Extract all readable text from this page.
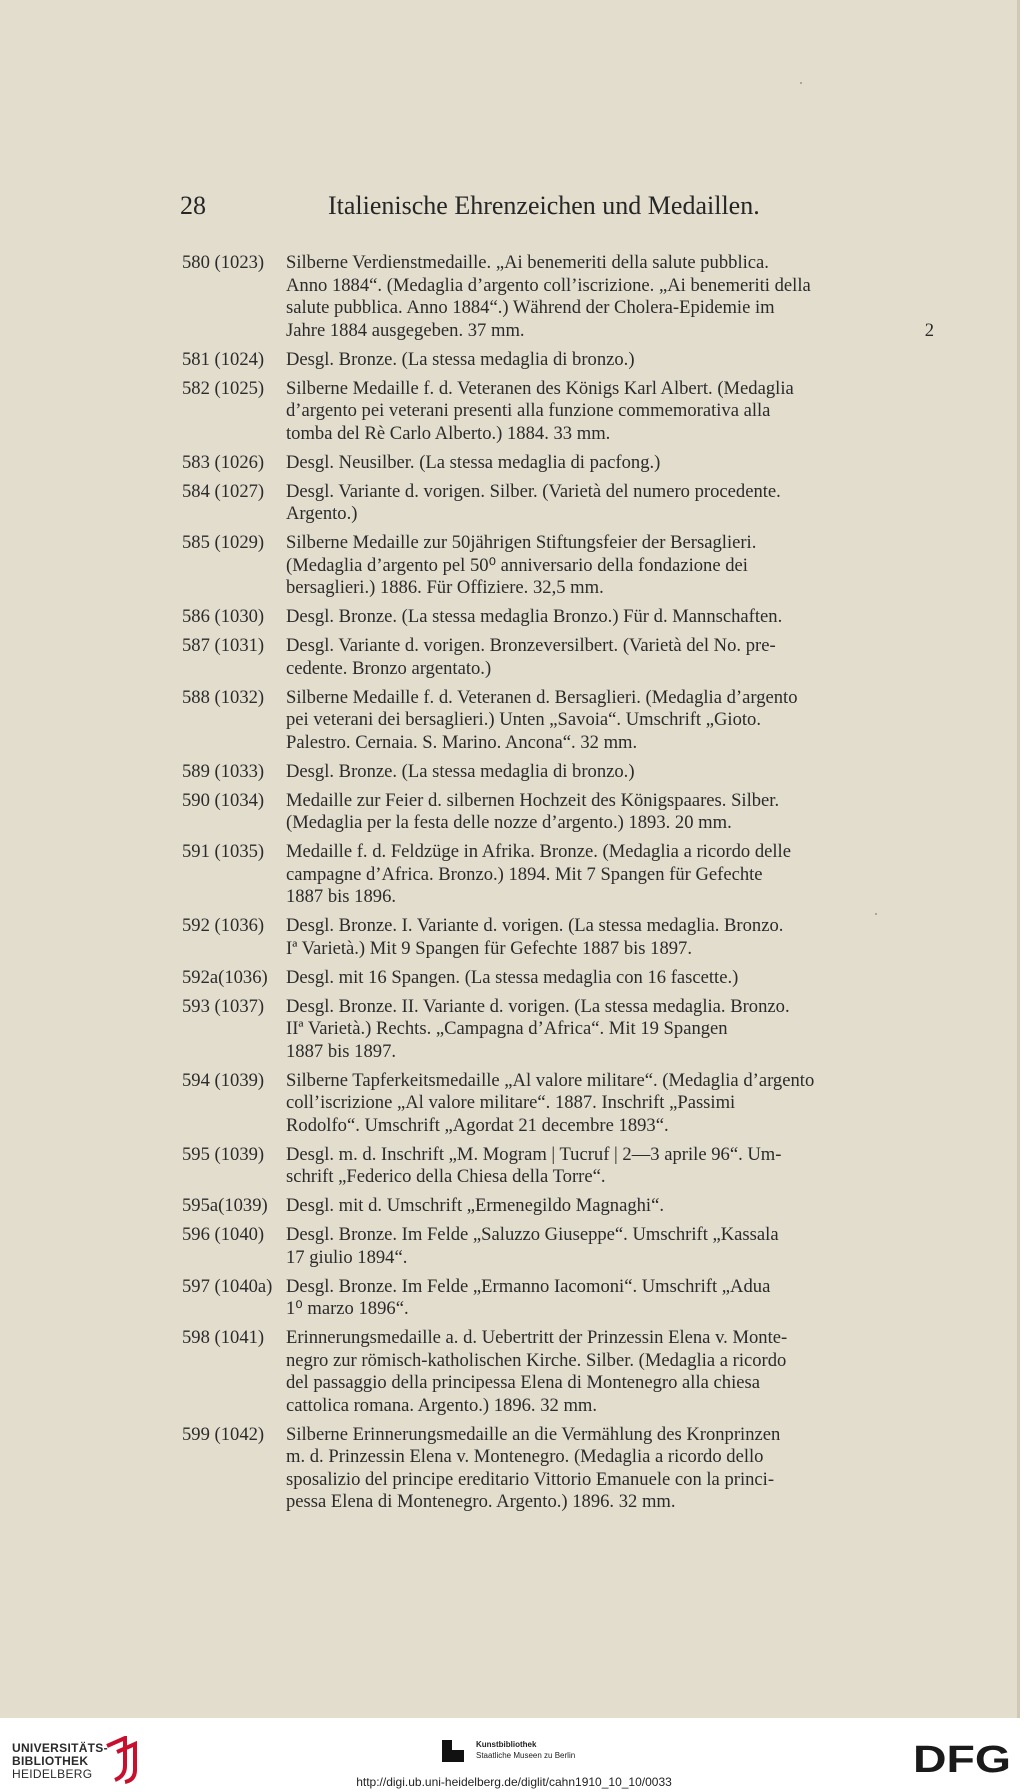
28	Italienische Ehrenzeichen und Medaillen.
580 (1023)	Silberne Verdienstmedaille. „Ai benemeriti della salute pubblica.
Anno 1884“. (Medaglia d’argento coll’iscrizione. „Ai benemeriti della
salute pubblica. Anno 1884“.) Während der Cholera-Epidemie im
2
Jahre 1884 ausgegeben. 37 mm.
581 (1024)	Desgl. Bronze. (La stessa medaglia di bronzo.)
582 (1025)	Silberne Medaille f. d. Veteranen des Königs Karl Albert. (Medaglia
d’argento pei veterani presenti alla funzione commemorativa alla
tomba del Rè Carlo Alberto.) 1884. 33 mm.
583 (1026)	Desgl. Neusilber. (La stessa medaglia di pacfong.)
584 (1027)	Desgl. Variante d. vorigen. Silber. (Varietà del numero procedente.
Argento.)
585 (1029)	Silberne Medaille zur 50jährigen Stiftungsfeier der Bersaglieri.
(Medaglia d’argento pel 50⁰ anniversario della fondazione dei
bersaglieri.) 1886. Für Offiziere. 32,5 mm.
586 (1030)	Desgl. Bronze. (La stessa medaglia Bronzo.) Für d. Mannschaften.
587 (1031)	Desgl. Variante d. vorigen. Bronzeversilbert. (Varietà del No. pre-
cedente. Bronzo argentato.)
588 (1032)	Silberne Medaille f. d. Veteranen d. Bersaglieri. (Medaglia d’argento
pei veterani dei bersaglieri.) Unten „Savoia“. Umschrift „Gioto.
Palestro. Cernaia. S. Marino. Ancona“. 32 mm.
589 (1033)	Desgl. Bronze. (La stessa medaglia di bronzo.)
590 (1034)	Medaille zur Feier d. silbernen Hochzeit des Königspaares. Silber.
(Medaglia per la festa delle nozze d’argento.) 1893. 20 mm.
591 (1035)	Medaille f. d. Feldzüge in Afrika. Bronze. (Medaglia a ricordo delle
campagne d’Africa. Bronzo.) 1894. Mit 7 Spangen für Gefechte
1887 bis 1896.
592 (1036)	Desgl. Bronze. I. Variante d. vorigen. (La stessa medaglia. Bronzo.
Iª Varietà.) Mit 9 Spangen für Gefechte 1887 bis 1897.
592a(1036) Desgl. mit 16 Spangen. (La stessa medaglia con 16 fascette.)
593 (1037)	Desgl. Bronze. II. Variante d. vorigen. (La stessa medaglia. Bronzo.
IIª Varietà.) Rechts. „Campagna d’Africa“. Mit 19 Spangen
1887 bis 1897.
594 (1039)	Silberne Tapferkeitsmedaille „Al valore militare“. (Medaglia d’argento
coll’iscrizione „Al valore militare“. 1887. Inschrift „Passimi
Rodolfo“. Umschrift „Agordat 21 decembre 1893“.
595 (1039)	Desgl. m. d. Inschrift „M. Mogram | Tucruf | 2—3 aprile 96“. Um-
schrift „Federico della Chiesa della Torre“.
595a(1039) Desgl. mit d. Umschrift „Ermenegildo Magnaghi“.
596 (1040)	Desgl. Bronze. Im Felde „Saluzzo Giuseppe“. Umschrift „Kassala
17 giulio 1894“.
597 (1040a) Desgl. Bronze. Im Felde „Ermanno Iacomoni“. Umschrift „Adua
1⁰ marzo 1896“.
598 (1041)	Erinnerungsmedaille a. d. Uebertritt der Prinzessin Elena v. Monte-
negro zur römisch-katholischen Kirche. Silber. (Medaglia a ricordo
del passaggio della principessa Elena di Montenegro alla chiesa
cattolica romana. Argento.) 1896. 32 mm.
599 (1042)	Silberne Erinnerungsmedaille an die Vermählung des Kronprinzen
m. d. Prinzessin Elena v. Montenegro. (Medaglia a ricordo dello
sposalizio del principe ereditario Vittorio Emanuele con la princi-
pessa Elena di Montenegro. Argento.) 1896. 32 mm.
UNIVERSITÄTS-
BIBLIOTHEK
HEIDELBERG
Kunstbibliothek
Staatliche Museen zu Berlin	DFG
http://digi.ub.uni-heidelberg.de/diglit/cahn1910_10_10/0033
